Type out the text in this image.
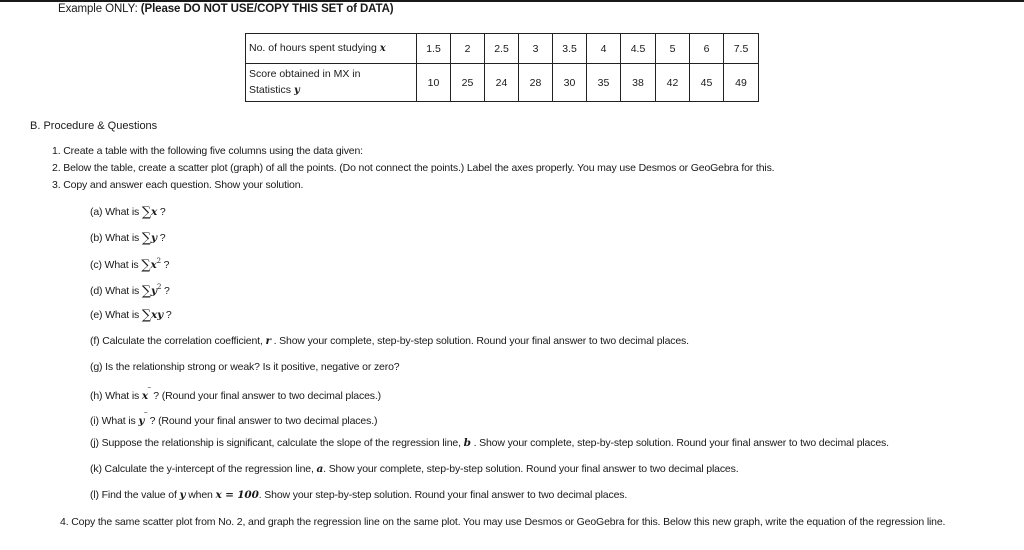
Example ONLY: (Please DO NOT USE/COPY THIS SET of DATA)
No. of hours spent studying x	1.5	2	2.5	3	3.5	4	4.5	5	6	7.5
Score obtained in MX in
Statistics y	10	25	24	28	30	35	38	42	45	49
B. Procedure & Questions
1. Create a table with the following five columns using the data given:
2. Below the table, create a scatter plot (graph) of all the points. (Do not connect the points.) Label the axes properly. You may use Desmos or GeoGebra for this.
3. Copy and answer each question. Show your solution.
(a) What is ∑x ?
(b) What is ∑y ?
(c) What is $\sum x^2$ ?
(d) What is $\sum y^2$ ?
(e) What is ∑xy ?
(f) Calculate the correlation coefficient, r . Show your complete, step-by-step solution. Round your final answer to two decimal places.
(g) Is the relationship strong or weak? Is it positive, negative or zero?
(h) What is x‾ ? (Round your final answer to two decimal places.)
(i) What is y‾ ? (Round your final answer to two decimal places.)
(j) Suppose the relationship is significant, calculate the slope of the regression line, b . Show your complete, step-by-step solution. Round your final answer to two decimal places.
(k) Calculate the y-intercept of the regression line, a. Show your complete, step-by-step solution. Round your final answer to two decimal places.
(l) Find the value of y when x = 100. Show your step-by-step solution. Round your final answer to two decimal places.
4. Copy the same scatter plot from No. 2, and graph the regression line on the same plot. You may use Desmos or GeoGebra for this. Below this new graph, write the equation of the regression line.
